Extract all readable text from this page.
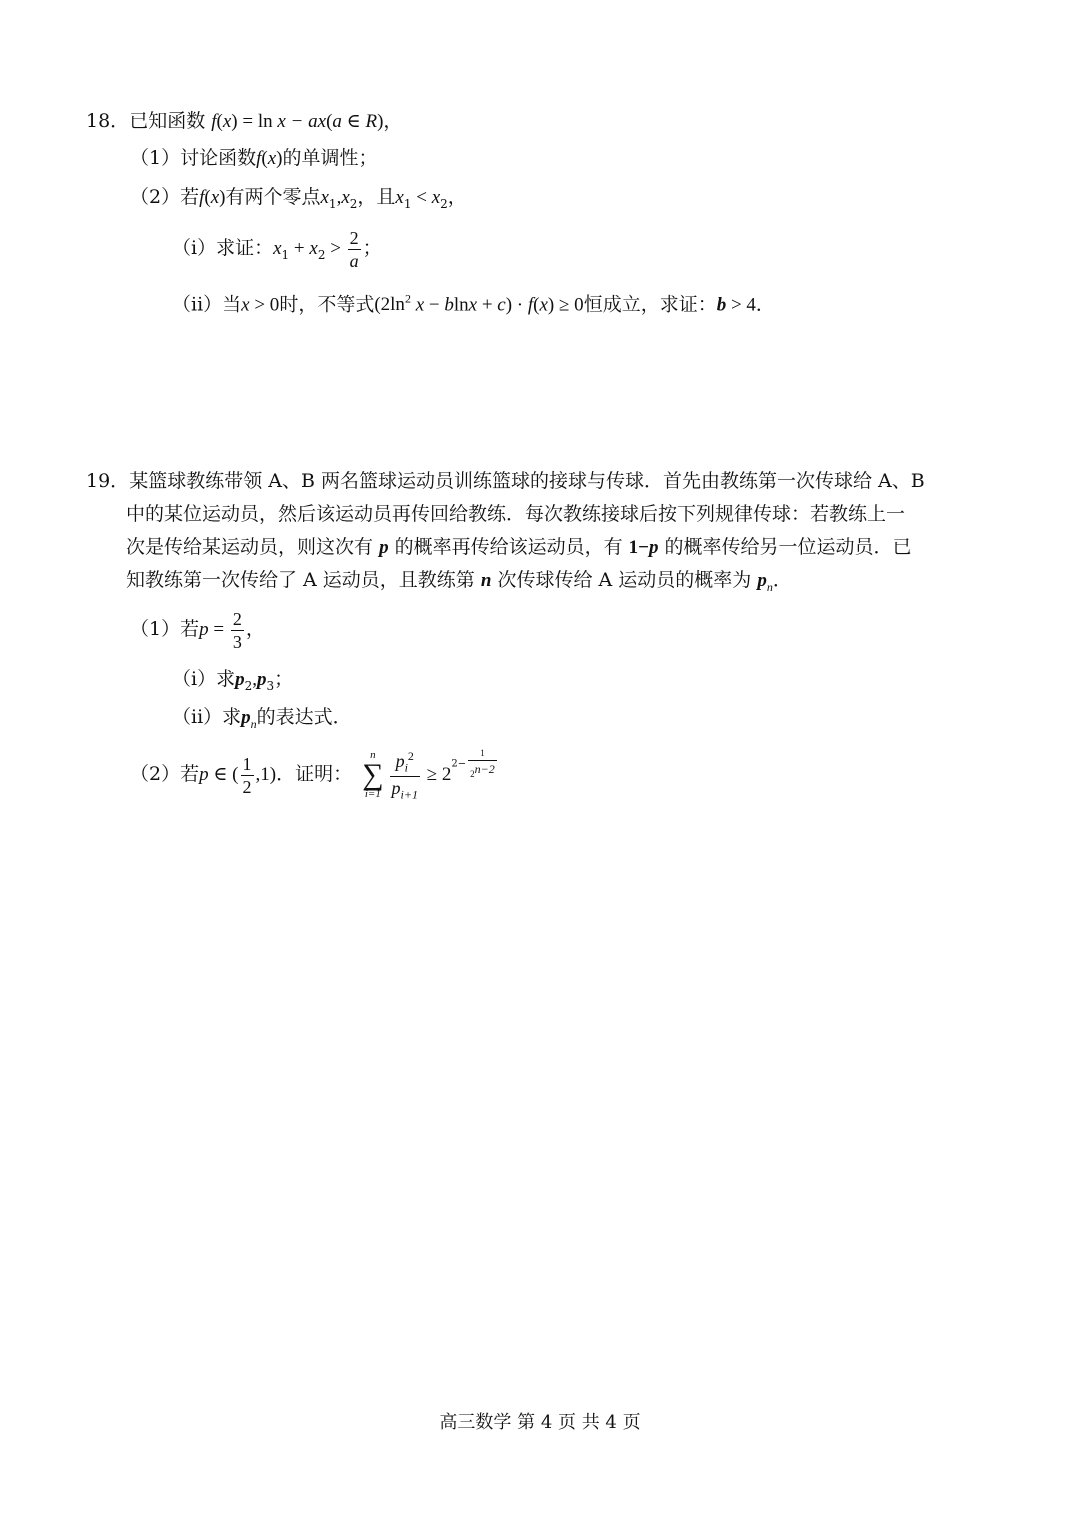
18．已知函数 f(x) = ln x − ax(a ∈ R)，
（1）讨论函数f(x)的单调性；
（2）若f(x)有两个零点$x_1,x_2$，且$x_1 < x_2$，
（i）求证：$x_1 + x_2 > \frac{2}{a}$ ；
（ii）当x > 0时，不等式($2\ln^2$ x − blnx + c) · f(x) ≥ 0恒成立，求证：b > 4．
19．某篮球教练带领 A、B 两名篮球运动员训练篮球的接球与传球．首先由教练第一次传球给 A、B
中的某位运动员，然后该运动员再传回给教练．每次教练接球后按下列规律传球：若教练上一
次是传给某运动员，则这次有 p 的概率再传给该运动员，有 1−p 的概率传给另一位运动员．已
知教练第一次传给了 A 运动员，且教练第 n 次传球传给 A 运动员的概率为 $p_n$．
（1）若$p = \frac{2}{3}$ ，
（i）求$p_2,p_3$；
（ii）求$p_n$的表达式．
（2）若p ∈ ( $\frac{1}{2} ,1$)．证明：
n
∑
$i=1 \frac{p_i^2}{p_{i+1}} \ge 22- \frac{1}{2^{n-2}}$
高三数学 第 4 页 共 4 页
